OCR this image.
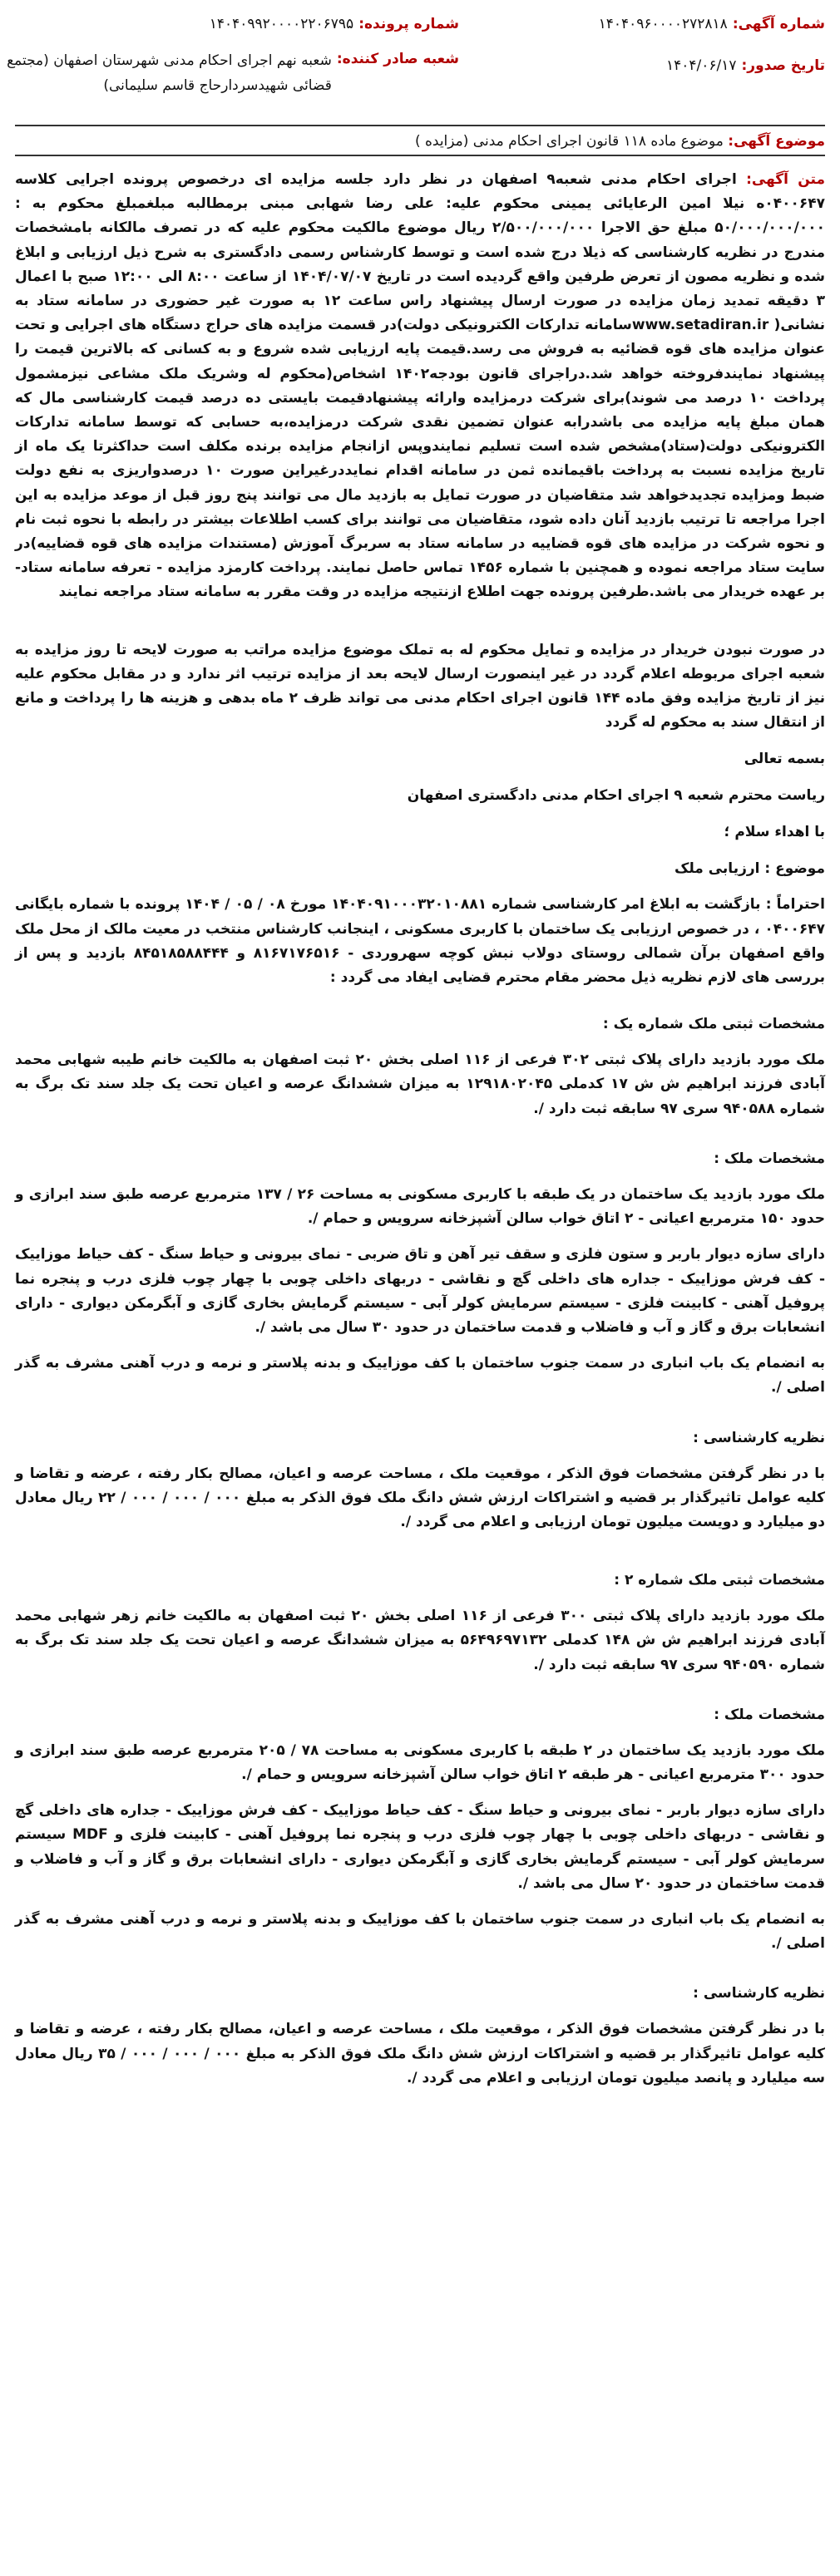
شماره آگهی:۱۴۰۴۰۹۶۰۰۰۰۲۷۲۸۱۸
تاریخ صدور:۱۴۰۴/۰۶/۱۷
شماره پرونده:۱۴۰۴۰۹۹۲۰۰۰۰۲۲۰۶۷۹۵
شعبه صادر کننده:شعبه نهم اجرای احکام مدنی شهرستان اصفهان (مجتمع قضائی شهیدسردارحاج قاسم سلیمانی)
موضوع آگهی: موضوع ماده ۱۱۸ قانون اجرای احکام مدنی (مزایده )

متن آگهی: اجرای احکام مدنی شعبه۹ اصفهان در نظر دارد جلسه مزایده ای درخصوص پرونده اجرایی کلاسه ۰۴۰۰۶۴۷ه نیلا امین الرعایائی یمینی محکوم علیه: علی رضا شهابی مبنی برمطالبه مبلغمبلغ محکوم به : ۵۰/۰۰۰/۰۰۰/۰۰۰ مبلغ حق الاجرا ۲/۵۰۰/۰۰۰/۰۰۰ ریال موضوع مالکیت محکوم علیه که در تصرف مالکانه بامشخصات مندرج در نظریه کارشناسی که ذیلا درج شده است و توسط کارشناس رسمی دادگستری به شرح ذیل ارزیابی و ابلاغ شده و نظریه مصون از تعرض طرفین واقع گردیده است در تاریخ ۱۴۰۴/۰۷/۰۷ از ساعت ۸:۰۰ الی ۱۲:۰۰ صبح با اعمال ۳ دقیقه تمدید زمان مزایده در صورت ارسال پیشنهاد راس ساعت ۱۲ به صورت غیر حضوری در سامانه ستاد به نشانی( www.setadiran.irسامانه تدارکات الکترونیکی دولت)در قسمت مزایده های حراج دستگاه های اجرایی و تحت عنوان مزایده های قوه قضائیه به فروش می رسد.قیمت پایه ارزیابی شده شروع و به کسانی که بالاترین قیمت را پیشنهاد نمایندفروخته خواهد شد.دراجرای قانون بودجه۱۴۰۲ اشخاص(محکوم له وشریک ملک مشاعی نیزمشمول پرداخت ۱۰ درصد می شوند)برای شرکت درمزایده وارائه پیشنهادقیمت بایستی ده درصد قیمت کارشناسی مال که همان مبلغ پایه مزایده می باشدرابه عنوان تضمین نقدی شرکت درمزایده،به حسابی که توسط سامانه تدارکات الکترونیکی دولت(ستاد)مشخص شده است تسلیم نمایندوپس ازانجام مزایده برنده مکلف است حداکثرتا یک ماه از تاریخ مزایده نسبت به پرداخت باقیمانده ثمن در سامانه اقدام نمایددرغیراین صورت ۱۰ درصدواریزی به نفع دولت ضبط ومزایده تجدیدخواهد شد متقاضیان در صورت تمایل به بازدید مال می توانند پنج روز قبل از موعد مزایده به این اجرا مراجعه تا ترتیب بازدید آنان داده شود، متقاضیان می توانند برای کسب اطلاعات بیشتر در رابطه با نحوه ثبت نام و نحوه شرکت در مزایده های قوه قضاییه در سامانه ستاد به سربرگ آموزش (مستندات مزایده های قوه قضاییه)در سایت ستاد مراجعه نموده و همچنین با شماره ۱۴۵۶ تماس حاصل نمایند. پرداخت کارمزد مزایده - تعرفه سامانه ستاد- بر عهده خریدار می باشد.طرفین پرونده جهت اطلاع ازنتیجه مزایده در وقت مقرر به سامانه ستاد مراجعه نمایند

در صورت نبودن خریدار در مزایده و تمایل محکوم له به تملک موضوع مزایده مراتب به صورت لایحه تا روز مزایده به شعبه اجرای مربوطه اعلام گردد در غیر اینصورت ارسال لایحه بعد از مزایده ترتیب اثر ندارد و در مقابل محکوم علیه نیز از تاریخ مزایده وفق ماده ۱۴۴ قانون اجرای احکام مدنی می تواند ظرف ۲ ماه بدهی و هزینه ها را پرداخت و مانع از انتقال سند به محکوم له گردد

بسمه تعالی

ریاست محترم شعبه ۹ اجرای احکام مدنی دادگستری اصفهان

با اهداء سلام ؛

موضوع : ارزیابی ملک

احتراماً : بازگشت به ابلاغ امر کارشناسی شماره ۱۴۰۴۰۹۱۰۰۰۳۲۰۱۰۸۸۱ مورخ ۰۸ / ۰۵ / ۱۴۰۴ پرونده با شماره بایگانی ۰۴۰۰۶۴۷ ، در خصوص ارزیابی یک ساختمان با کاربری مسکونی ، اینجانب کارشناس منتخب در معیت مالک از محل ملک واقع اصفهان برآن شمالی روستای دولاب نبش کوچه سهروردی - ۸۱۶۷۱۷۶۵۱۶ و ۸۴۵۱۸۵۸۸۴۴۴ بازدید و پس از بررسی های لازم نظریه ذیل محضر مقام محترم قضایی ایفاد می گردد :

مشخصات ثبتی ملک شماره یک :

ملک مورد بازدید دارای پلاک ثبتی ۳۰۲ فرعی از ۱۱۶ اصلی بخش ۲۰ ثبت اصفهان به مالکیت خانم طیبه شهابی محمد آبادی فرزند ابراهیم ش ش ۱۷ کدملی ۱۲۹۱۸۰۲۰۴۵ به میزان ششدانگ عرصه و اعیان تحت یک جلد سند تک برگ به شماره ۹۴۰۵۸۸ سری ۹۷ سابقه ثبت دارد /.

مشخصات ملک :

ملک مورد بازدید یک ساختمان در یک طبقه با کاربری مسکونی به مساحت ۲۶ / ۱۳۷ مترمربع عرصه طبق سند ابرازی و حدود ۱۵۰ مترمربع اعیانی - ۲ اتاق خواب سالن آشپزخانه سرویس و حمام /.

دارای سازه دیوار باربر و ستون فلزی و سقف تیر آهن و تاق ضربی - نمای بیرونی و حیاط سنگ - کف حیاط موزاییک - کف فرش موزاییک - جداره های داخلی گچ و نقاشی - دربهای داخلی چوبی با چهار چوب فلزی درب و پنجره نما پروفیل آهنی - کابینت فلزی - سیستم سرمایش کولر آبی - سیستم گرمایش بخاری گازی و آبگرمکن دیواری - دارای انشعابات برق و گاز و آب و فاضلاب و قدمت ساختمان در حدود ۳۰ سال می باشد /.

به انضمام یک باب انباری در سمت جنوب ساختمان با کف موزاییک و بدنه پلاستر و نرمه و درب آهنی مشرف به گذر اصلی /.

نظریه کارشناسی :

با در نظر گرفتن مشخصات فوق الذکر ، موقعیت ملک ، مساحت عرصه و اعیان، مصالح بکار رفته ، عرضه و تقاضا و کلیه عوامل تاثیرگذار بر قضیه و اشتراکات ارزش شش دانگ ملک فوق الذکر به مبلغ ۰۰۰ / ۰۰۰ / ۰۰۰ / ۲۲ ریال معادل دو میلیارد و دویست میلیون تومان ارزیابی و اعلام می گردد /.

مشخصات ثبتی ملک شماره ۲ :

ملک مورد بازدید دارای پلاک ثبتی ۳۰۰ فرعی از ۱۱۶ اصلی بخش ۲۰ ثبت اصفهان به مالکیت خانم زهر شهابی محمد آبادی فرزند ابراهیم ش ش ۱۴۸ کدملی ۵۶۴۹۶۹۷۱۳۲ به میزان ششدانگ عرصه و اعیان تحت یک جلد سند تک برگ به شماره ۹۴۰۵۹۰ سری ۹۷ سابقه ثبت دارد /.

مشخصات ملک :

ملک مورد بازدید یک ساختمان در ۲ طبقه با کاربری مسکونی به مساحت ۷۸ / ۲۰۵ مترمربع عرصه طبق سند ابرازی و حدود ۳۰۰ مترمربع اعیانی - هر طبقه ۲ اتاق خواب سالن آشپزخانه سرویس و حمام /.

دارای سازه دیوار باربر - نمای بیرونی و حیاط سنگ - کف حیاط موزاییک - کف فرش موزاییک - جداره های داخلی گچ و نقاشی - دربهای داخلی چوبی با چهار چوب فلزی درب و پنجره نما پروفیل آهنی - کابینت فلزی و MDF سیستم سرمایش کولر آبی - سیستم گرمایش بخاری گازی و آبگرمکن دیواری - دارای انشعابات برق و گاز و آب و فاضلاب و قدمت ساختمان در حدود ۲۰ سال می باشد /.

به انضمام یک باب انباری در سمت جنوب ساختمان با کف موزاییک و بدنه پلاستر و نرمه و درب آهنی مشرف به گذر اصلی /.

نظریه کارشناسی :

با در نظر گرفتن مشخصات فوق الذکر ، موقعیت ملک ، مساحت عرصه و اعیان، مصالح بکار رفته ، عرضه و تقاضا و کلیه عوامل تاثیرگذار بر قضیه و اشتراکات ارزش شش دانگ ملک فوق الذکر به مبلغ ۰۰۰ / ۰۰۰ / ۰۰۰ / ۳۵ ریال معادل سه میلیارد و پانصد میلیون تومان ارزیابی و اعلام می گردد /.
